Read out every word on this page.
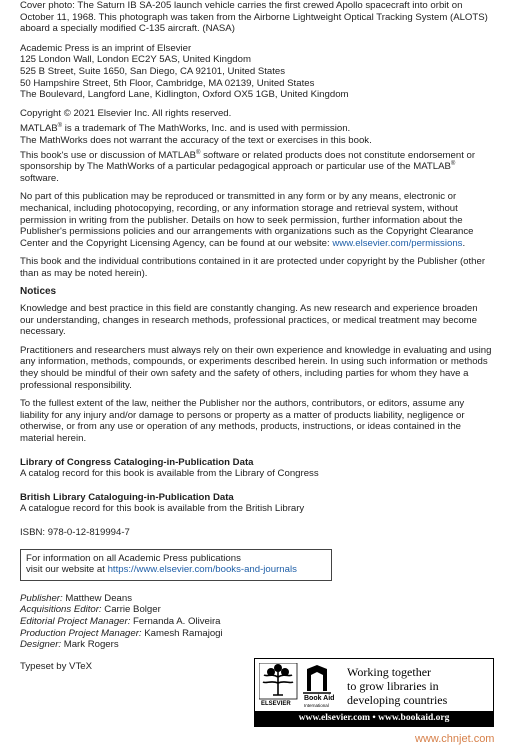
Cover photo: The Saturn IB SA-205 launch vehicle carries the first crewed Apollo spacecraft into orbit on October 11, 1968. This photograph was taken from the Airborne Lightweight Optical Tracking System (ALOTS) aboard a specially modified C-135 aircraft. (NASA)

Academic Press is an imprint of Elsevier
125 London Wall, London EC2Y 5AS, United Kingdom
525 B Street, Suite 1650, San Diego, CA 92101, United States
50 Hampshire Street, 5th Floor, Cambridge, MA 02139, United States
The Boulevard, Langford Lane, Kidlington, Oxford OX5 1GB, United Kingdom

Copyright © 2021 Elsevier Inc. All rights reserved.

MATLAB® is a trademark of The MathWorks, Inc. and is used with permission.

The MathWorks does not warrant the accuracy of the text or exercises in this book.

This book's use or discussion of MATLAB® software or related products does not constitute endorsement or sponsorship by The MathWorks of a particular pedagogical approach or particular use of the MATLAB® software.

No part of this publication may be reproduced or transmitted in any form or by any means, electronic or mechanical, including photocopying, recording, or any information storage and retrieval system, without permission in writing from the publisher. Details on how to seek permission, further information about the Publisher's permissions policies and our arrangements with organizations such as the Copyright Clearance Center and the Copyright Licensing Agency, can be found at our website: www.elsevier.com/permissions.

This book and the individual contributions contained in it are protected under copyright by the Publisher (other than as may be noted herein).

Notices

Knowledge and best practice in this field are constantly changing. As new research and experience broaden our understanding, changes in research methods, professional practices, or medical treatment may become necessary.

Practitioners and researchers must always rely on their own experience and knowledge in evaluating and using any information, methods, compounds, or experiments described herein. In using such information or methods they should be mindful of their own safety and the safety of others, including parties for whom they have a professional responsibility.

To the fullest extent of the law, neither the Publisher nor the authors, contributors, or editors, assume any liability for any injury and/or damage to persons or property as a matter of products liability, negligence or otherwise, or from any use or operation of any methods, products, instructions, or ideas contained in the material herein.

Library of Congress Cataloging-in-Publication Data
A catalog record for this book is available from the Library of Congress
British Library Cataloguing-in-Publication Data
A catalogue record for this book is available from the British Library

ISBN: 978-0-12-819994-7

For information on all Academic Press publications
visit our website at https://www.elsevier.com/books-and-journals
Publisher: Matthew Deans
Acquisitions Editor: Carrie Bolger
Editorial Project Manager: Fernanda A. Oliveira
Production Project Manager: Kamesh Ramajogi
Designer: Mark Rogers

Typeset by VTeX

ELSEVIER
Book Aid
International
Working together
to grow libraries in
developing countries
www.elsevier.com • www.bookaid.org
www.chnjet.com
